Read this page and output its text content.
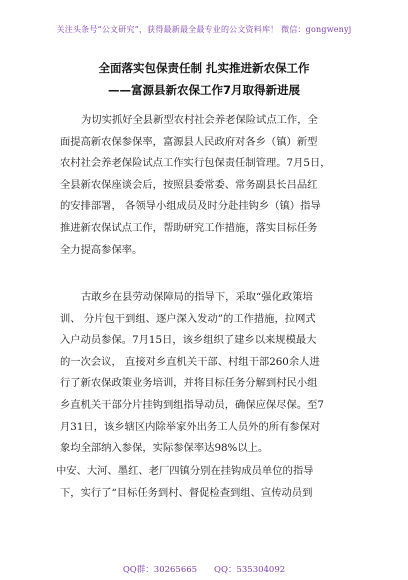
关注头条号“公文研究”，获得最新最全最专业的公文资料库！ 微信：gongwenyj
全面落实包保责任制 扎实推进新农保工作
——富源县新农保工作7月取得新进展
为切实抓好全县新型农村社会养老保险试点工作，全
面提高新农保参保率，富源县人民政府对各乡（镇）新型
农村社会养老保险试点工作实行包保责任制管理。7月5日，
全县新农保座谈会后，按照县委常委、常务副县长吕品红
的安排部署， 各领导小组成员及时分赴挂钩乡（镇）指导
推进新农保试点工作，帮助研究工作措施，落实目标任务
全力提高参保率。
古敢乡在县劳动保障局的指导下，采取“强化政策培
训、 分片包干到组、逐户深入发动”的工作措施，拉网式
入户动员参保。7月15日，该乡组织了建乡以来规模最大
的一次会议， 直接对乡直机关干部、村组干部260余人进
行了新农保政策业务培训，并将目标任务分解到村民小组
乡直机关干部分片挂钩到组指导动员，确保应保尽保。至7
月31日，该乡辖区内除举家外出务工人员外的所有参保对
象均全部纳入参保，实际参保率达98%以上。
中安、大河、墨红、老厂四镇分别在挂钩成员单位的指导
下，实行了“目标任务到村、督促检查到组、宣传动员到
QQ群：30265665　　QQ：535304092
